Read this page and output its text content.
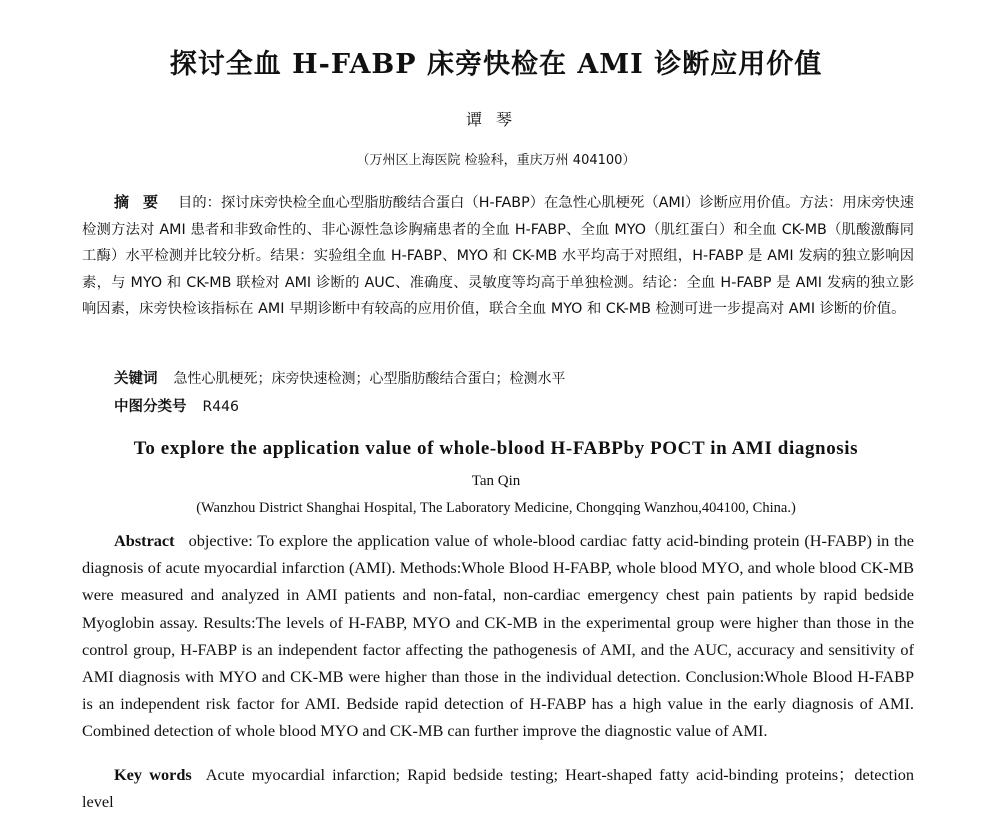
探讨全血 H-FABP 床旁快检在 AMI 诊断应用价值
谭琴
（万州区上海医院 检验科，重庆万州 404100）
摘要 目的：探讨床旁快检全血心型脂肪酸结合蛋白（H-FABP）在急性心肌梗死（AMI）诊断应用价值。方法：用床旁快速检测方法对 AMI 患者和非致命性的、非心源性急诊胸痛患者的全血 H-FABP、全血 MYO（肌红蛋白）和全血 CK-MB（肌酸激酶同工酶）水平检测并比较分析。结果：实验组全血 H-FABP、MYO 和 CK-MB 水平均高于对照组，H-FABP 是 AMI 发病的独立影响因素，与 MYO 和 CK-MB 联检对 AMI 诊断的 AUC、准确度、灵敏度等均高于单独检测。结论：全血 H-FABP 是 AMI 发病的独立影响因素，床旁快检该指标在 AMI 早期诊断中有较高的应用价值，联合全血 MYO 和 CK-MB 检测可进一步提高对 AMI 诊断的价值。
关键词 急性心肌梗死；床旁快速检测；心型脂肪酸结合蛋白；检测水平
中图分类号 R446
To explore the application value of whole-blood H-FABPby POCT in AMI diagnosis
Tan Qin
(Wanzhou District Shanghai Hospital, The Laboratory Medicine, Chongqing Wanzhou,404100, China.)
Abstract objective: To explore the application value of whole-blood cardiac fatty acid-binding protein (H-FABP) in the diagnosis of acute myocardial infarction (AMI). Methods:Whole Blood H-FABP, whole blood MYO, and whole blood CK-MB were measured and analyzed in AMI patients and non-fatal, non-cardiac emergency chest pain patients by rapid bedside Myoglobin assay. Results:The levels of H-FABP, MYO and CK-MB in the experimental group were higher than those in the control group, H-FABP is an independent factor affecting the pathogenesis of AMI, and the AUC, accuracy and sensitivity of AMI diagnosis with MYO and CK-MB were higher than those in the individual detection. Conclusion:Whole Blood H-FABP is an independent risk factor for AMI. Bedside rapid detection of H-FABP has a high value in the early diagnosis of AMI. Combined detection of whole blood MYO and CK-MB can further improve the diagnostic value of AMI.
Key words Acute myocardial infarction; Rapid bedside testing; Heart-shaped fatty acid-binding proteins；detection level
